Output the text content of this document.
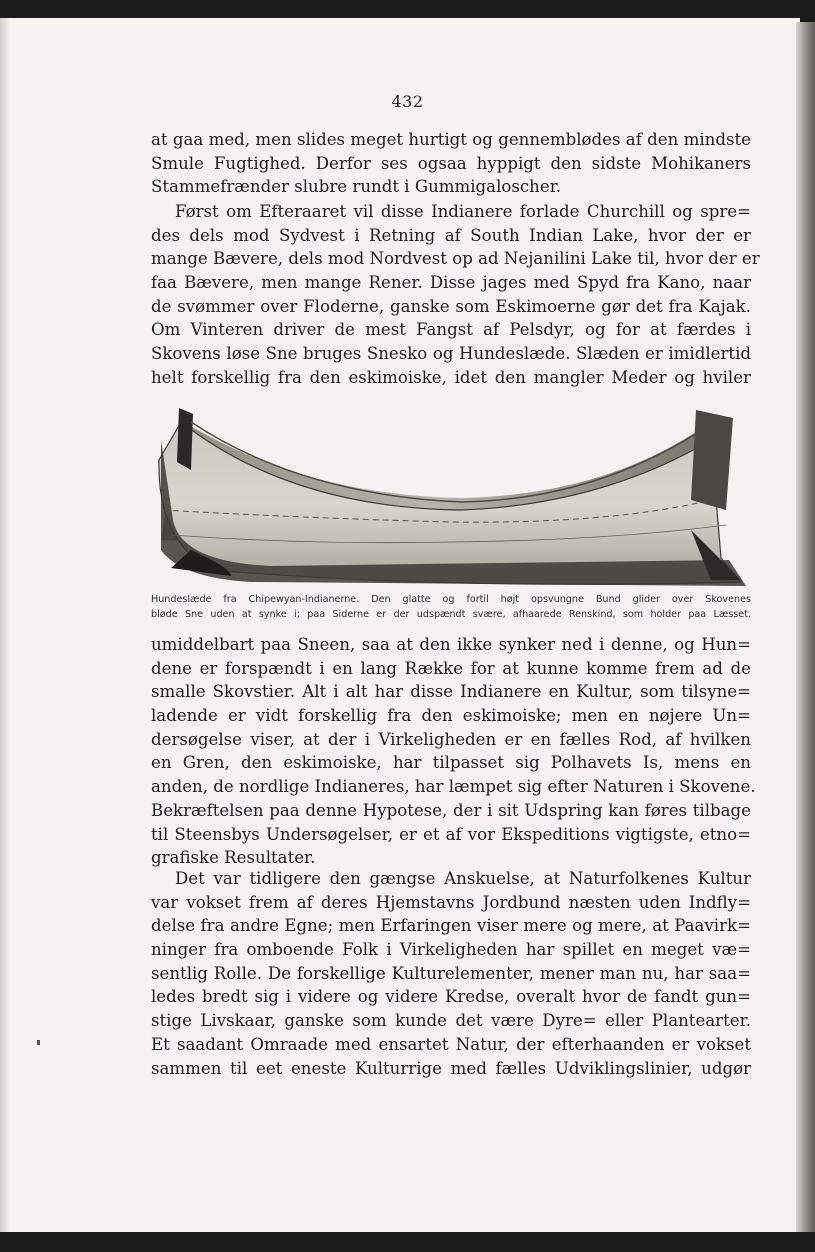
432
at gaa med, men slides meget hurtigt og gennemblødes af den mindste
Smule Fugtighed. Derfor ses ogsaa hyppigt den sidste Mohikaners
Stammefrænder slubre rundt i Gummigaloscher.
Først om Efteraaret vil disse Indianere forlade Churchill og spre=
des dels mod Sydvest i Retning af South Indian Lake, hvor der er
mange Bævere, dels mod Nordvest op ad Nejanilini Lake til, hvor der er
faa Bævere, men mange Rener. Disse jages med Spyd fra Kano, naar
de svømmer over Floderne, ganske som Eskimoerne gør det fra Kajak.
Om Vinteren driver de mest Fangst af Pelsdyr, og for at færdes i
Skovens løse Sne bruges Snesko og Hundeslæde. Slæden er imidlertid
helt forskellig fra den eskimoiske, idet den mangler Meder og hviler
Hundeslæde fra Chipewyan-Indianerne. Den glatte og fortil højt opsvungne Bund glider over Skovenes
bløde Sne uden at synke i; paa Siderne er der udspændt svære, afhaarede Renskind, som holder paa Læsset.
umiddelbart paa Sneen, saa at den ikke synker ned i denne, og Hun=
dene er forspændt i en lang Række for at kunne komme frem ad de
smalle Skovstier. Alt i alt har disse Indianere en Kultur, som tilsyne=
ladende er vidt forskellig fra den eskimoiske; men en nøjere Un=
dersøgelse viser, at der i Virkeligheden er en fælles Rod, af hvilken
en Gren, den eskimoiske, har tilpasset sig Polhavets Is, mens en
anden, de nordlige Indianeres, har læmpet sig efter Naturen i Skovene.
Bekræftelsen paa denne Hypotese, der i sit Udspring kan føres tilbage
til Steensbys Undersøgelser, er et af vor Ekspeditions vigtigste, etno=
grafiske Resultater.
Det var tidligere den gængse Anskuelse, at Naturfolkenes Kultur
var vokset frem af deres Hjemstavns Jordbund næsten uden Indfly=
delse fra andre Egne; men Erfaringen viser mere og mere, at Paavirk=
ninger fra omboende Folk i Virkeligheden har spillet en meget væ=
sentlig Rolle. De forskellige Kulturelementer, mener man nu, har saa=
ledes bredt sig i videre og videre Kredse, overalt hvor de fandt gun=
stige Livskaar, ganske som kunde det være Dyre= eller Plantearter.
Et saadant Omraade med ensartet Natur, der efterhaanden er vokset
sammen til eet eneste Kulturrige med fælles Udviklingslinier, udgør
